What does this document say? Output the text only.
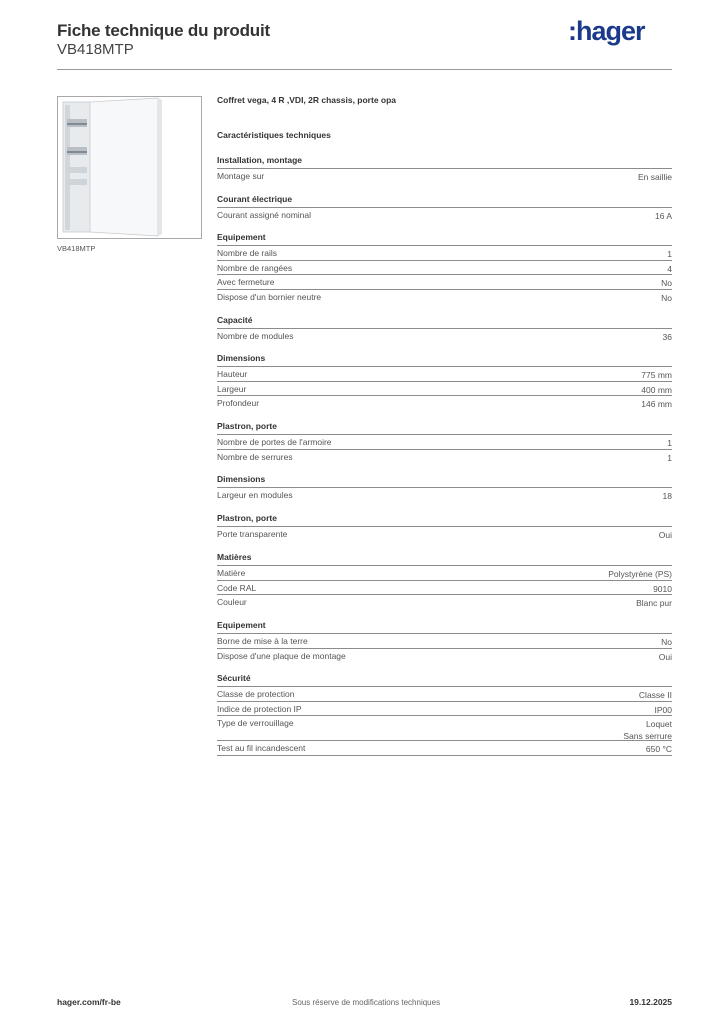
Fiche technique du produit
VB418MTP
:hager
VB418MTP
Coffret vega, 4 R ,VDI, 2R chassis, porte opa
Caractéristiques techniques
Installation, montage
Montage sur	En saillie
Courant électrique
Courant assigné nominal	16 A
Equipement
Nombre de rails	1
Nombre de rangées	4
Avec fermeture	No
Dispose d'un bornier neutre	No
Capacité
Nombre de modules	36
Dimensions
Hauteur	775 mm
Largeur	400 mm
Profondeur	146 mm
Plastron, porte
Nombre de portes de l'armoire	1
Nombre de serrures	1
Dimensions
Largeur en modules	18
Plastron, porte
Porte transparente	Oui
Matières
Matière	Polystyrène (PS)
Code RAL	9010
Couleur	Blanc pur
Equipement
Borne de mise à la terre	No
Dispose d'une plaque de montage	Oui
Sécurité
Classe de protection	Classe II
Indice de protection IP	IP00
Type de verrouillage	Loquet
Sans serrure
Test au fil incandescent	650 °C
hager.com/fr-be	Sous réserve de modifications techniques	19.12.2025
